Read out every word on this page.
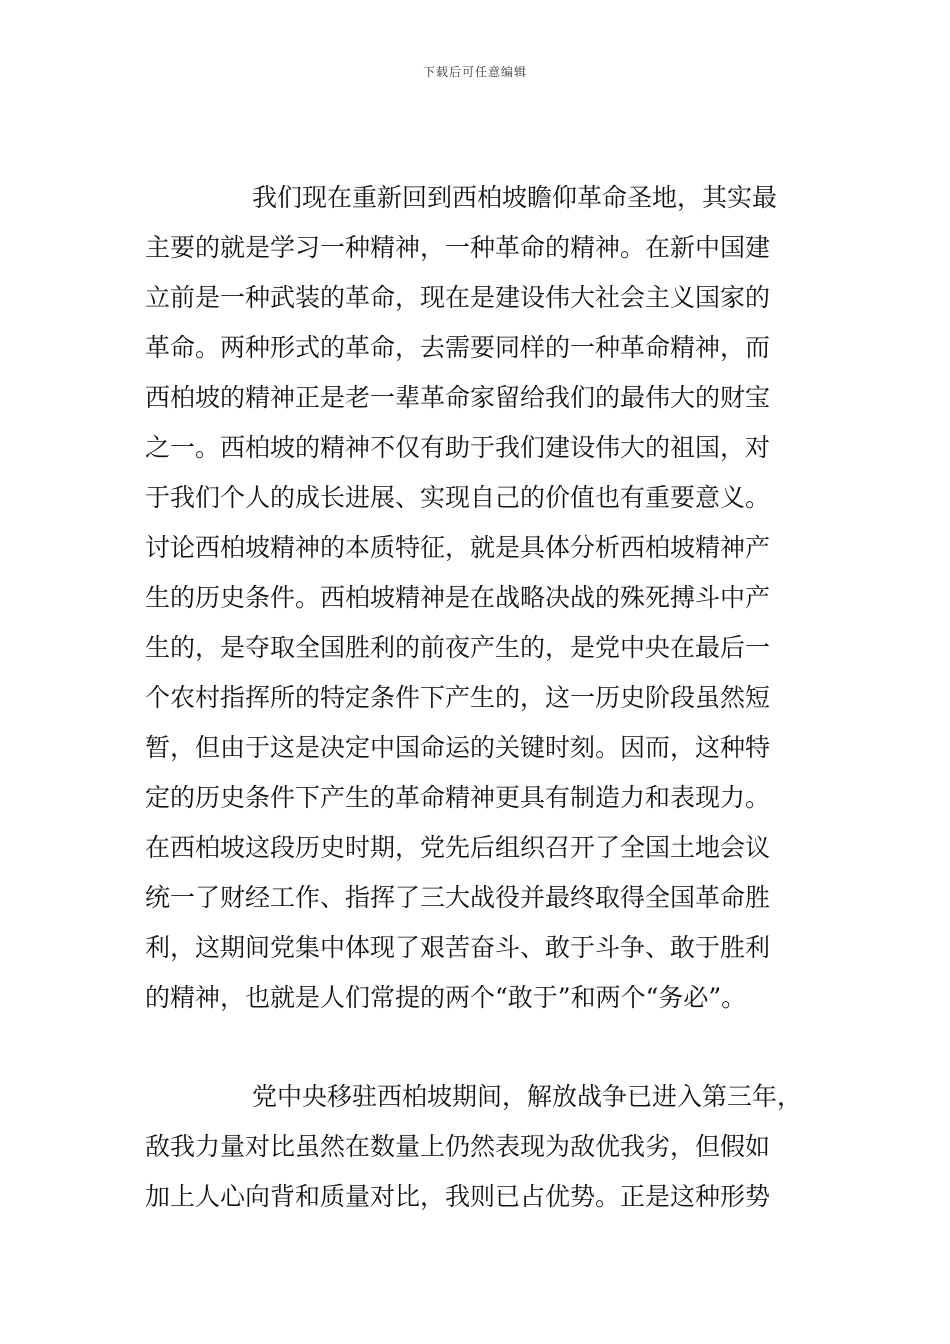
下载后可任意编辑
我们现在重新回到西柏坡瞻仰革命圣地，其实最
主要的就是学习一种精神，一种革命的精神。在新中国建
立前是一种武装的革命，现在是建设伟大社会主义国家的
革命。两种形式的革命，去需要同样的一种革命精神，而
西柏坡的精神正是老一辈革命家留给我们的最伟大的财宝
之一。西柏坡的精神不仅有助于我们建设伟大的祖国，对
于我们个人的成长进展、实现自己的价值也有重要意义。
讨论西柏坡精神的本质特征，就是具体分析西柏坡精神产
生的历史条件。西柏坡精神是在战略决战的殊死搏斗中产
生的，是夺取全国胜利的前夜产生的，是党中央在最后一
个农村指挥所的特定条件下产生的，这一历史阶段虽然短
暂，但由于这是决定中国命运的关键时刻。因而，这种特
定的历史条件下产生的革命精神更具有制造力和表现力。
在西柏坡这段历史时期，党先后组织召开了全国土地会议
统一了财经工作、指挥了三大战役并最终取得全国革命胜
利，这期间党集中体现了艰苦奋斗、敢于斗争、敢于胜利
的精神，也就是人们常提的两个“敢于”和两个“务必”。
党中央移驻西柏坡期间，解放战争已进入第三年，
敌我力量对比虽然在数量上仍然表现为敌优我劣，但假如
加上人心向背和质量对比，我则已占优势。正是这种形势
